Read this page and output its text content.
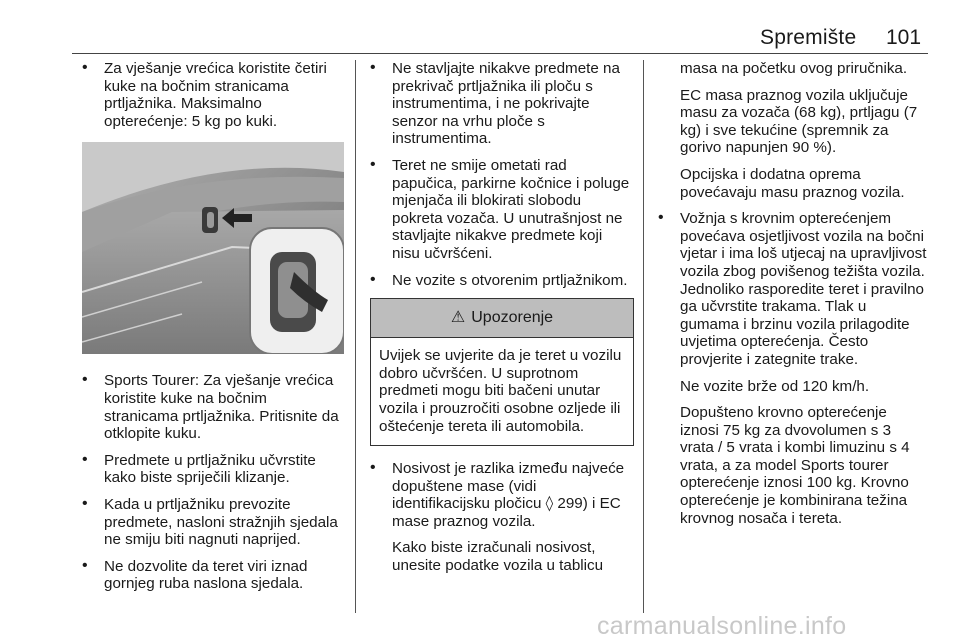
Spremište 101
• Za vješanje vrećica koristite četiri kuke na bočnim stranicama prtljažnika. Maksimalno opterećenje: 5 kg po kuki.
• Sports Tourer: Za vješanje vrećica koristite kuke na bočnim stranicama prtljažnika. Pritisnite da otklopite kuku.
• Predmete u prtljažniku učvrstite kako biste spriječili klizanje.
• Kada u prtljažniku prevozite predmete, nasloni stražnjih sjedala ne smiju biti nagnuti naprijed.
• Ne dozvolite da teret viri iznad gornjeg ruba naslona sjedala.
• Ne stavljajte nikakve predmete na prekrivač prtljažnika ili ploču s instrumentima, i ne pokrivajte senzor na vrhu ploče s instrumentima.
• Teret ne smije ometati rad papučica, parkirne kočnice i poluge mjenjača ili blokirati slobodu pokreta vozača. U unutrašnjost ne stavljajte nikakve predmete koji nisu učvršćeni.
• Ne vozite s otvorenim prtljažnikom.
⚠ Upozorenje
Uvijek se uvjerite da je teret u vozilu dobro učvršćen. U suprotnom predmeti mogu biti bačeni unutar vozila i prouzročiti osobne ozljede ili oštećenje tereta ili automobila.
• Nosivost je razlika između najveće dopuštene mase (vidi identifikacijsku pločicu ◊ 299) i EC mase praznog vozila.

Kako biste izračunali nosivost, unesite podatke vozila u tablicu

masa na početku ovog priručnika.

EC masa praznog vozila uključuje masu za vozača (68 kg), prtljagu (7 kg) i sve tekućine (spremnik za gorivo napunjen 90 %).

Opcijska i dodatna oprema povećavaju masu praznog vozila.

• Vožnja s krovnim opterećenjem povećava osjetljivost vozila na bočni vjetar i ima loš utjecaj na upravljivost vozila zbog povišenog težišta vozila. Jednoliko rasporedite teret i pravilno ga učvrstite trakama. Tlak u gumama i brzinu vozila prilagodite uvjetima opterećenja. Često provjerite i zategnite trake.

Ne vozite brže od 120 km/h.

Dopušteno krovno opterećenje iznosi 75 kg za dvovolumen s 3 vrata / 5 vrata i kombi limuzinu s 4 vrata, a za model Sports tourer opterećenje iznosi 100 kg. Krovno opterećenje je kombinirana težina krovnog nosača i tereta.

carmanualsonline.info
